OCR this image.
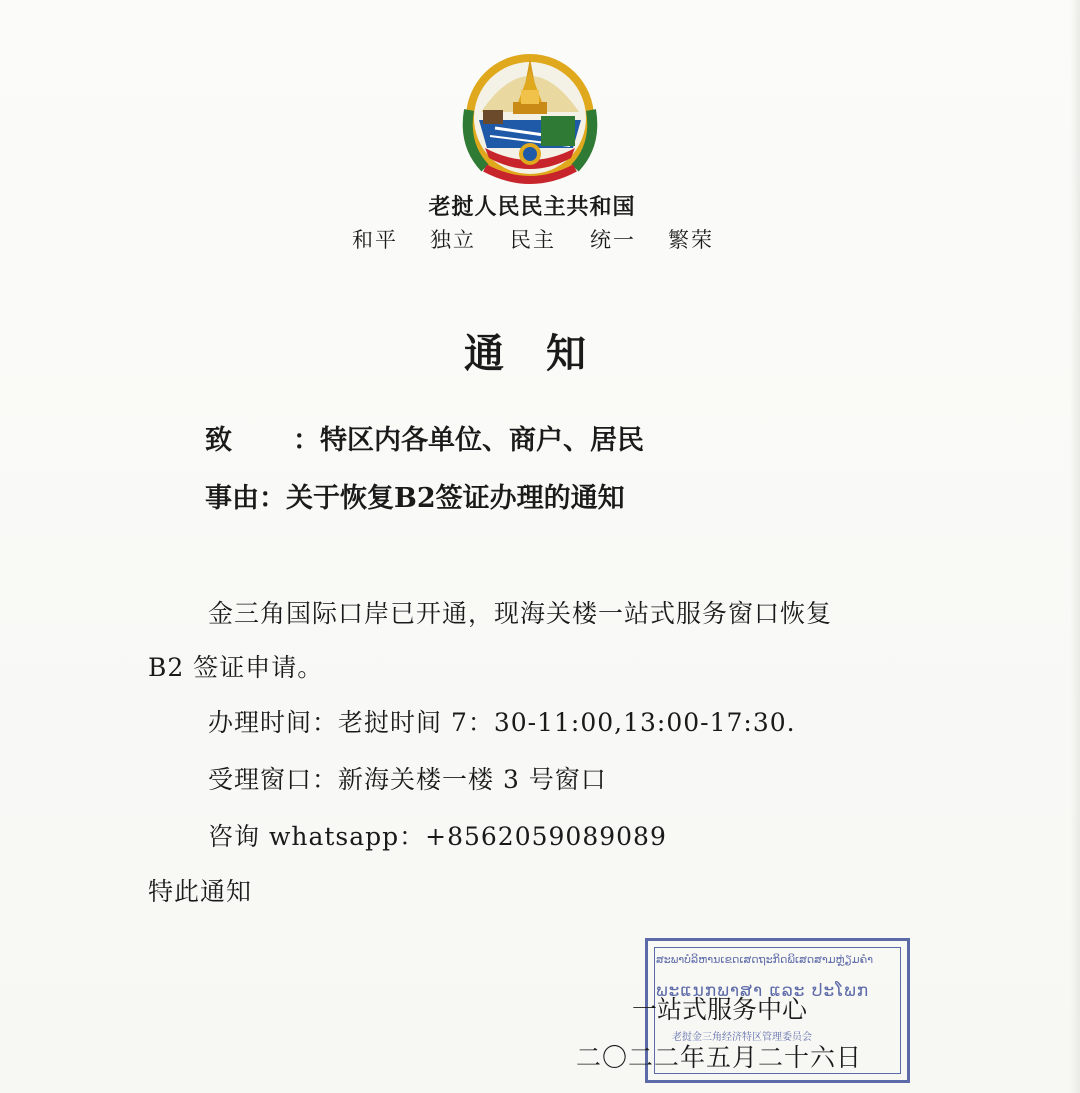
老挝人民民主共和国
和平 独立 民主 统一 繁荣
通 知
致 ：特区内各单位、商户、居民
事由：关于恢复B2签证办理的通知
金三角国际口岸已开通，现海关楼一站式服务窗口恢复
B2 签证申请。
办理时间：老挝时间 7：30-11:00,13:00-17:30.
受理窗口：新海关楼一楼 3 号窗口
咨询 whatsapp：+8562059089089
特此通知
ສະພາບໍລິຫານເຂດເສດຖະກິດພິເສດສາມຫຼ່ຽມຄຳ
ພະແນກພາສາ ແລະ ປະໂພກ
老挝金三角经济特区管理委员会
一站式服务中心
二〇二二年五月二十六日
